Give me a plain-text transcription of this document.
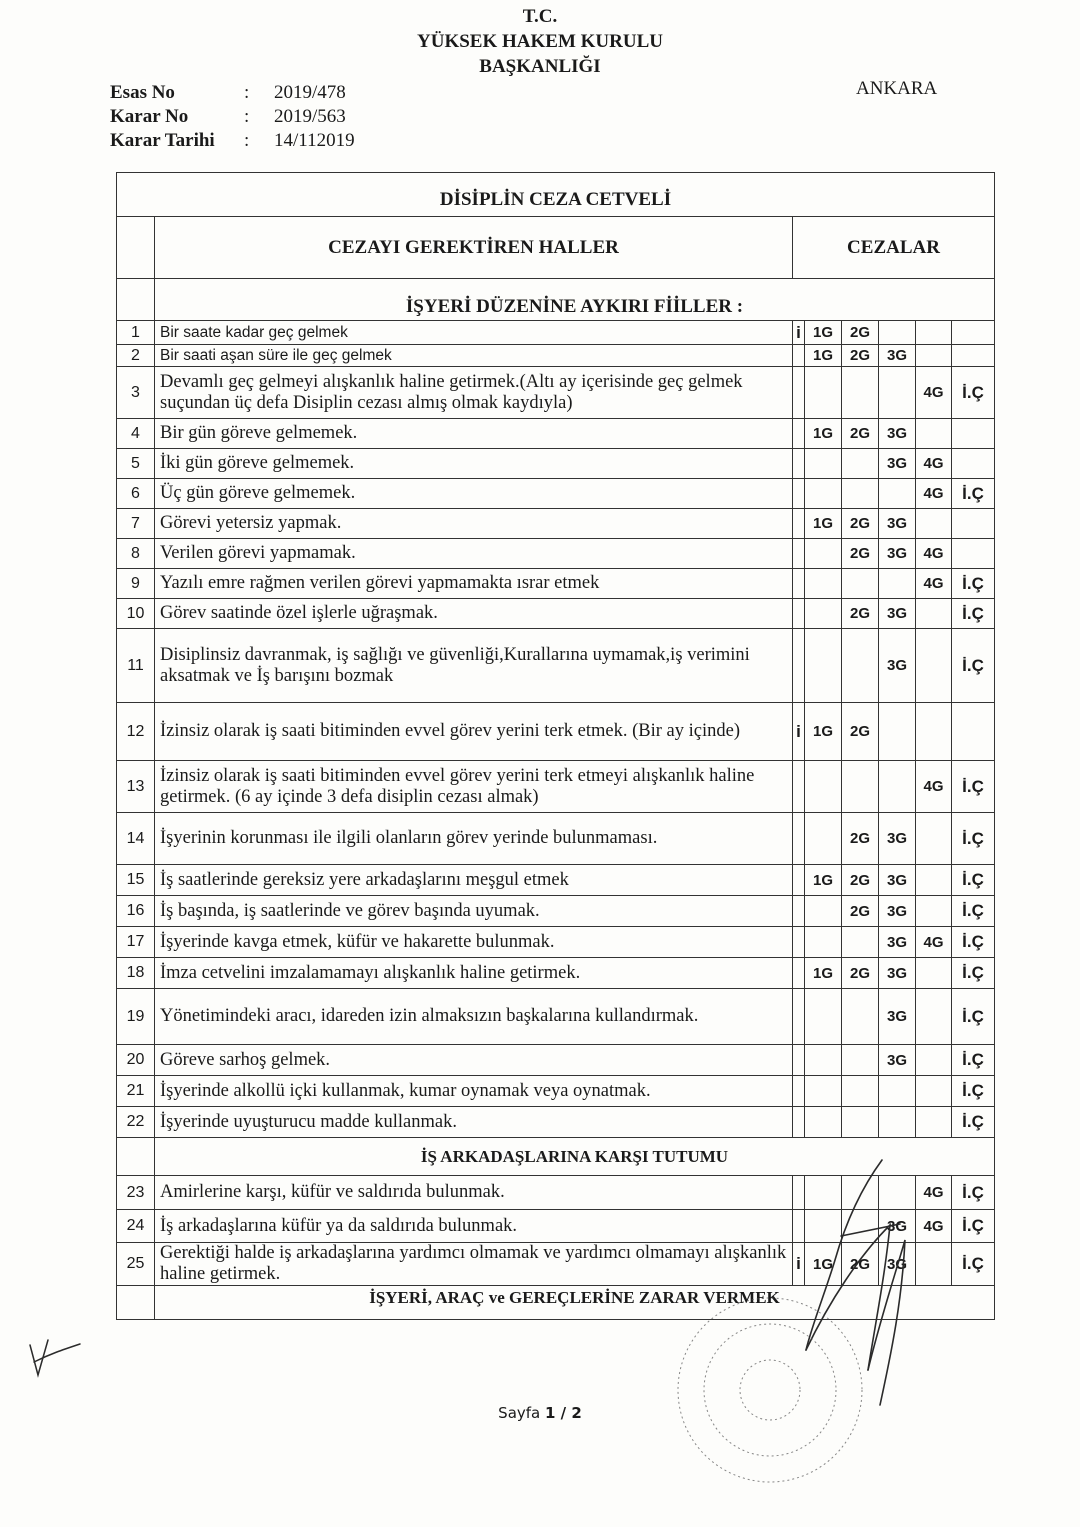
T.C.
YÜKSEK HAKEM KURULU
BAŞKANLIĞI
ANKARA
Esas No	: 2019/478
Karar No	: 2019/563
Karar Tarihi : 14/112019
DİSİPLİN CEZA CETVELİ							
	CEZAYI GEREKTİREN HALLER	CEZALAR					
	İŞYERİ DÜZENİNE AYKIRI FİİLLER :						
1	Bir saate kadar geç gelmek	i	1G	2G			
2	Bir saati aşan süre ile geç gelmek		1G	2G	3G		
3	Devamlı geç gelmeyi alışkanlık haline getirmek.(Altı ay içerisinde geç gelmek suçundan üç defa Disiplin cezası almış olmak kaydıyla)					4G	İ.Ç
4	Bir gün göreve gelmemek.		1G	2G	3G		
5	İki gün göreve gelmemek.				3G	4G	
6	Üç gün göreve gelmemek.					4G	İ.Ç
7	Görevi yetersiz yapmak.		1G	2G	3G		
8	Verilen görevi yapmamak.			2G	3G	4G	
9	Yazılı emre rağmen verilen görevi yapmamakta ısrar etmek					4G	İ.Ç
10	Görev saatinde özel işlerle uğraşmak.			2G	3G		İ.Ç
11	Disiplinsiz davranmak, iş sağlığı ve güvenliği,Kurallarına uymamak,iş verimini aksatmak ve İş barışını bozmak				3G		İ.Ç
12	İzinsiz olarak iş saati bitiminden evvel görev yerini terk etmek. (Bir ay içinde)	i	1G	2G			
13	İzinsiz olarak iş saati bitiminden evvel görev yerini terk etmeyi alışkanlık haline getirmek. (6 ay içinde 3 defa disiplin cezası almak)					4G	İ.Ç
14	İşyerinin korunması ile ilgili olanların görev yerinde bulunmaması.			2G	3G		İ.Ç
15	İş saatlerinde gereksiz yere arkadaşlarını meşgul etmek		1G	2G	3G		İ.Ç
16	İş başında, iş saatlerinde ve görev başında uyumak.			2G	3G		İ.Ç
17	İşyerinde kavga etmek, küfür ve hakarette bulunmak.				3G	4G	İ.Ç
18	İmza cetvelini imzalamamayı alışkanlık haline getirmek.		1G	2G	3G		İ.Ç
19	Yönetimindeki aracı, idareden izin almaksızın başkalarına kullandırmak.				3G		İ.Ç
20	Göreve sarhoş gelmek.				3G		İ.Ç
21	İşyerinde alkollü içki kullanmak, kumar oynamak veya oynatmak.						İ.Ç
22	İşyerinde uyuşturucu madde kullanmak.						İ.Ç
	İŞ ARKADAŞLARINA KARŞI TUTUMU						
23	Amirlerine karşı, küfür ve saldırıda bulunmak.					4G	İ.Ç
24	İş arkadaşlarına küfür ya da saldırıda bulunmak.				3G	4G	İ.Ç
25	Gerektiği halde iş arkadaşlarına yardımcı olmamak ve yardımcı olmamayı alışkanlık haline getirmek.	i	1G	2G	3G		İ.Ç
	İŞYERİ, ARAÇ ve GEREÇLERİNE ZARAR VERMEK						
Sayfa 1 / 2
